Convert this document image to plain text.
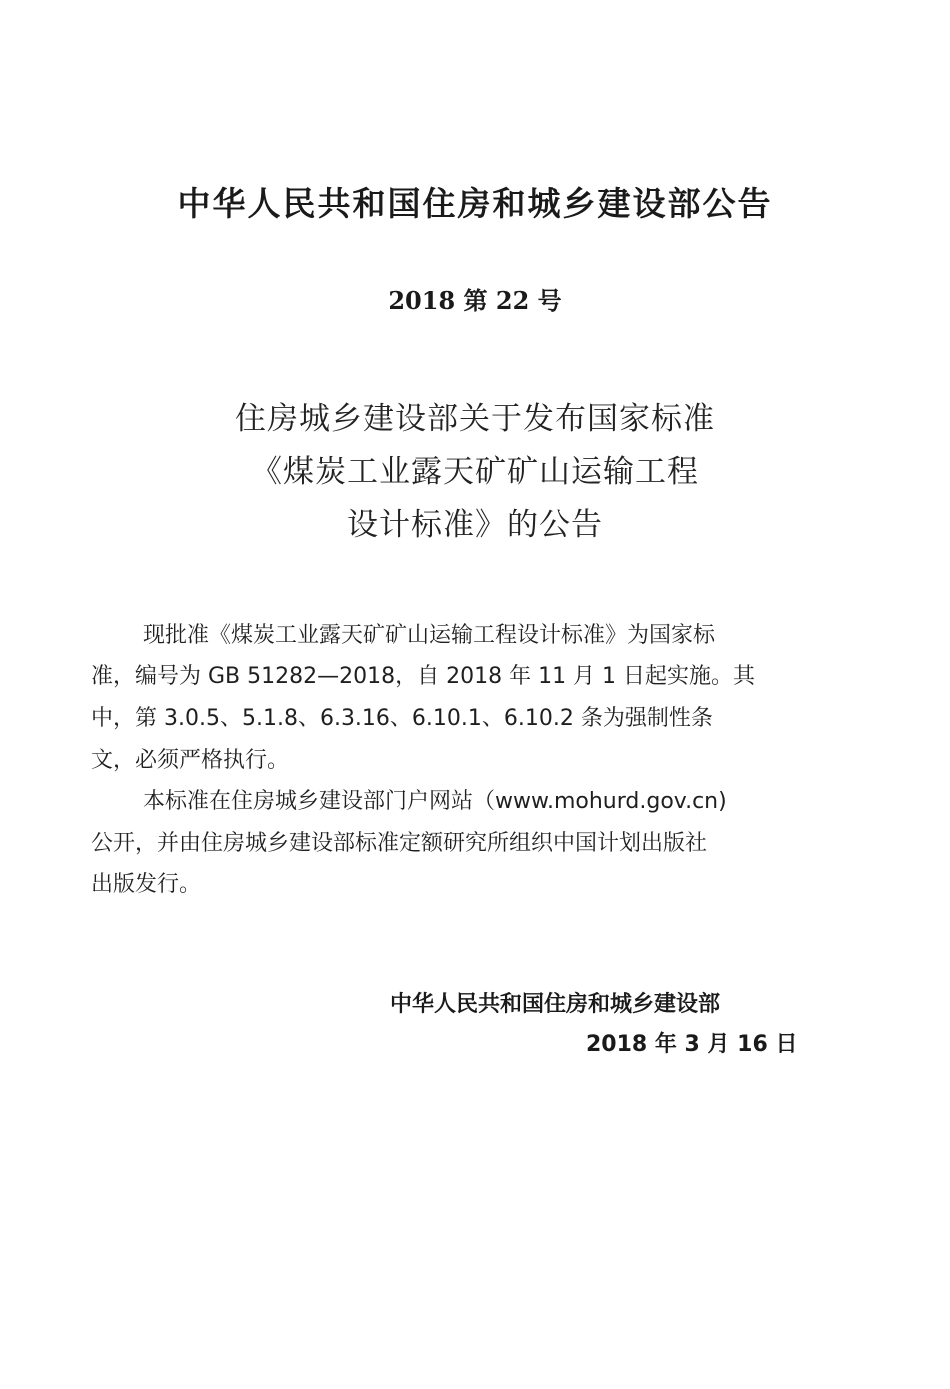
中华人民共和国住房和城乡建设部公告
2018 第 22 号
住房城乡建设部关于发布国家标准
《煤炭工业露天矿矿山运输工程
设计标准》的公告
现批准《煤炭工业露天矿矿山运输工程设计标准》为国家标
准，编号为 GB 51282—2018，自 2018 年 11 月 1 日起实施。其
中，第 3.0.5、5.1.8、6.3.16、6.10.1、6.10.2 条为强制性条
文，必须严格执行。
本标准在住房城乡建设部门户网站（www.mohurd.gov.cn)
公开，并由住房城乡建设部标准定额研究所组织中国计划出版社
出版发行。
中华人民共和国住房和城乡建设部
2018 年 3 月 16 日
